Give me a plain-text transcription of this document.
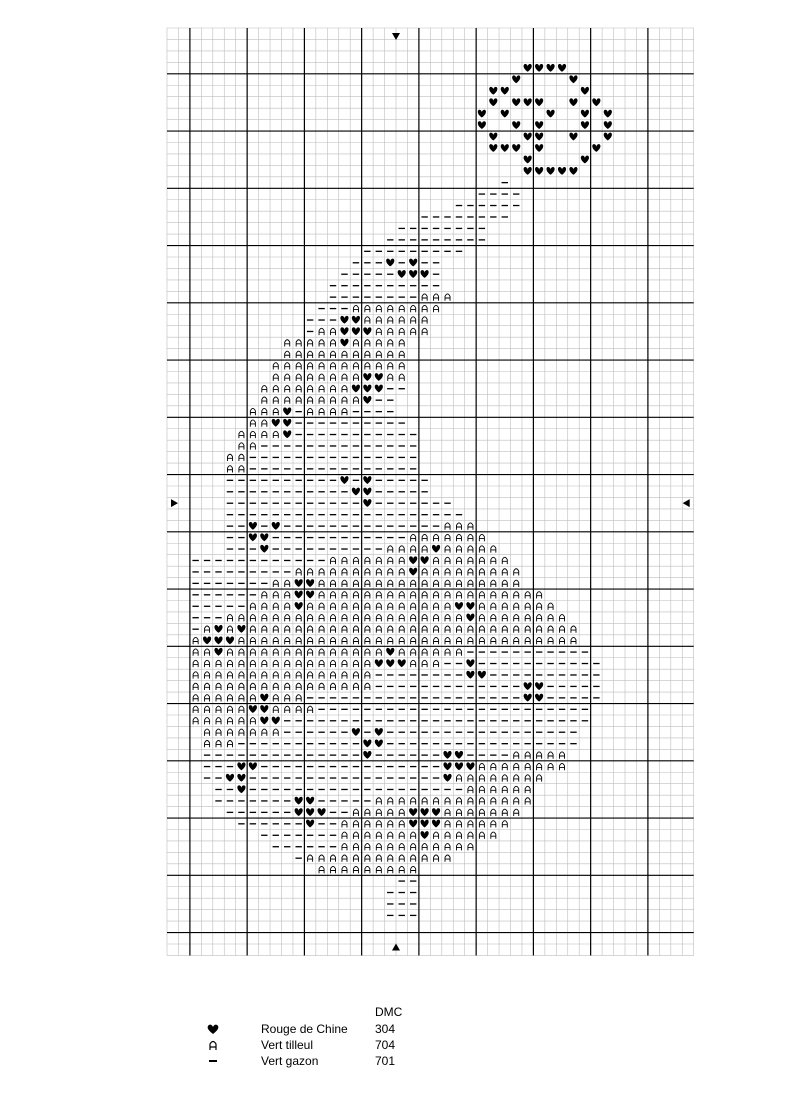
DMC
Rouge de Chine 304
Vert tilleul	704
Vert gazon	701
